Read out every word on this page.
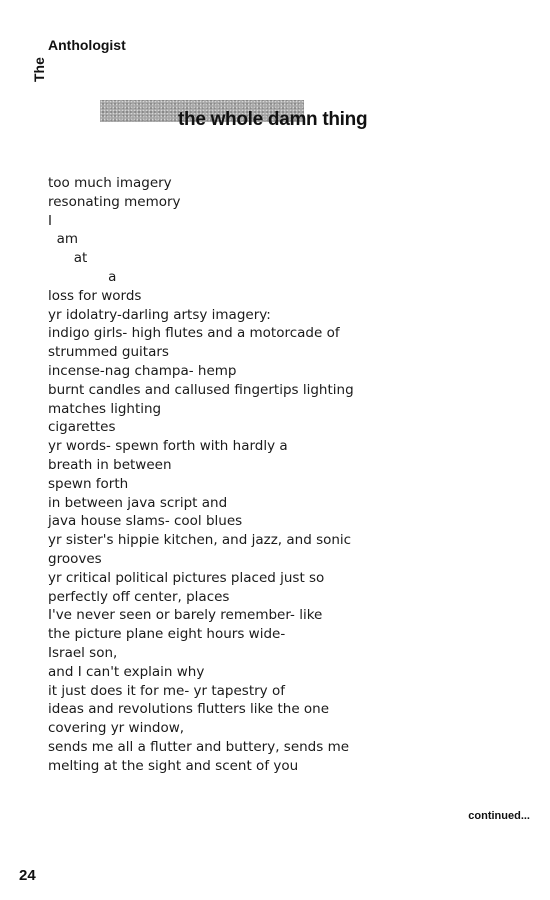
The
Anthologist
the whole damn thing
too much imagery
resonating memory
I
am
at
a
loss for words
yr idolatry-darling artsy imagery:
indigo girls- high flutes and a motorcade of
strummed guitars
incense-nag champa- hemp
burnt candles and callused fingertips lighting
matches lighting
cigarettes
yr words- spewn forth with hardly a
breath in between
spewn forth
in between java script and
java house slams- cool blues
yr sister's hippie kitchen, and jazz, and sonic
grooves
yr critical political pictures placed just so
perfectly off center, places
I've never seen or barely remember- like
the picture plane eight hours wide-
Israel son,
and I can't explain why
it just does it for me- yr tapestry of
ideas and revolutions flutters like the one
covering yr window,
sends me all a flutter and buttery, sends me
melting at the sight and scent of you
continued...
24
